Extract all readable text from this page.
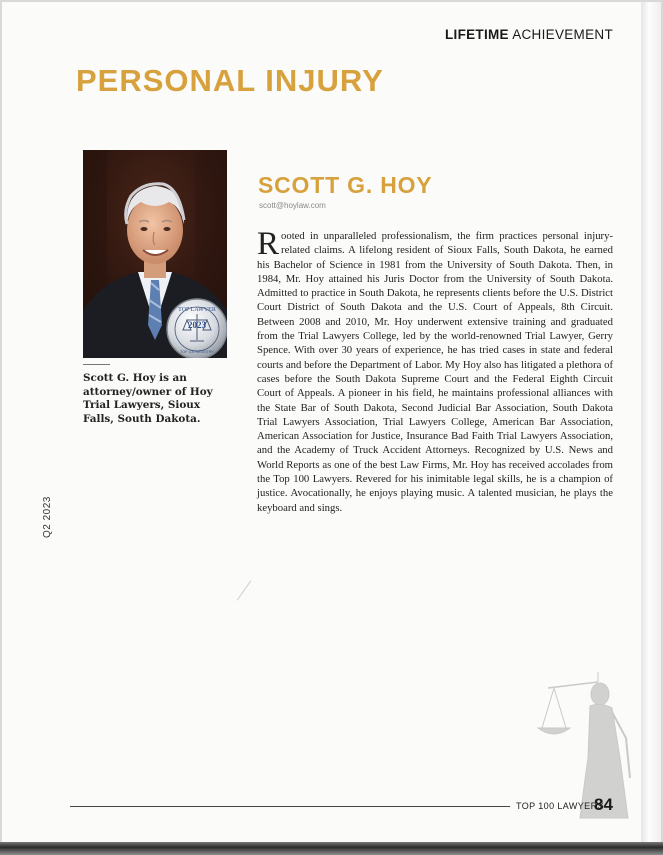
LIFETIME ACHIEVEMENT
PERSONAL INJURY
2023
TOP LAWYER
TOP 100 REGISTRY
Scott G. Hoy is an attorney/owner of Hoy Trial Lawyers, Sioux Falls, South Dakota.
Q2 2023
SCOTT G. HOY
scott@hoylaw.com
Rooted in unparalleled professionalism, the firm practices personal injury-related claims. A lifelong resident of Sioux Falls, South Dakota, he earned his Bachelor of Science in 1981 from the University of South Dakota. Then, in 1984, Mr. Hoy attained his Juris Doctor from the University of South Dakota. Admitted to practice in South Dakota, he represents clients before the U.S. District Court District of South Dakota and the U.S. Court of Appeals, 8th Circuit. Between 2008 and 2010, Mr. Hoy underwent extensive training and graduated from the Trial Lawyers College, led by the world-renowned Trial Lawyer, Gerry Spence. With over 30 years of experience, he has tried cases in state and federal courts and before the Department of Labor. My Hoy also has litigated a plethora of cases before the South Dakota Supreme Court and the Federal Eighth Circuit Court of Appeals. A pioneer in his field, he maintains professional alliances with the State Bar of South Dakota, Second Judicial Bar Association, South Dakota Trial Lawyers Association, Trial Lawyers College, American Bar Association, American Association for Justice, Insurance Bad Faith Trial Lawyers Association, and the Academy of Truck Accident Attorneys. Recognized by U.S. News and World Reports as one of the best Law Firms, Mr. Hoy has received accolades from the Top 100 Lawyers. Revered for his inimitable legal skills, he is a champion of justice. Avocationally, he enjoys playing music. A talented musician, he plays the keyboard and sings.
TOP 100 LAWYERS
84
